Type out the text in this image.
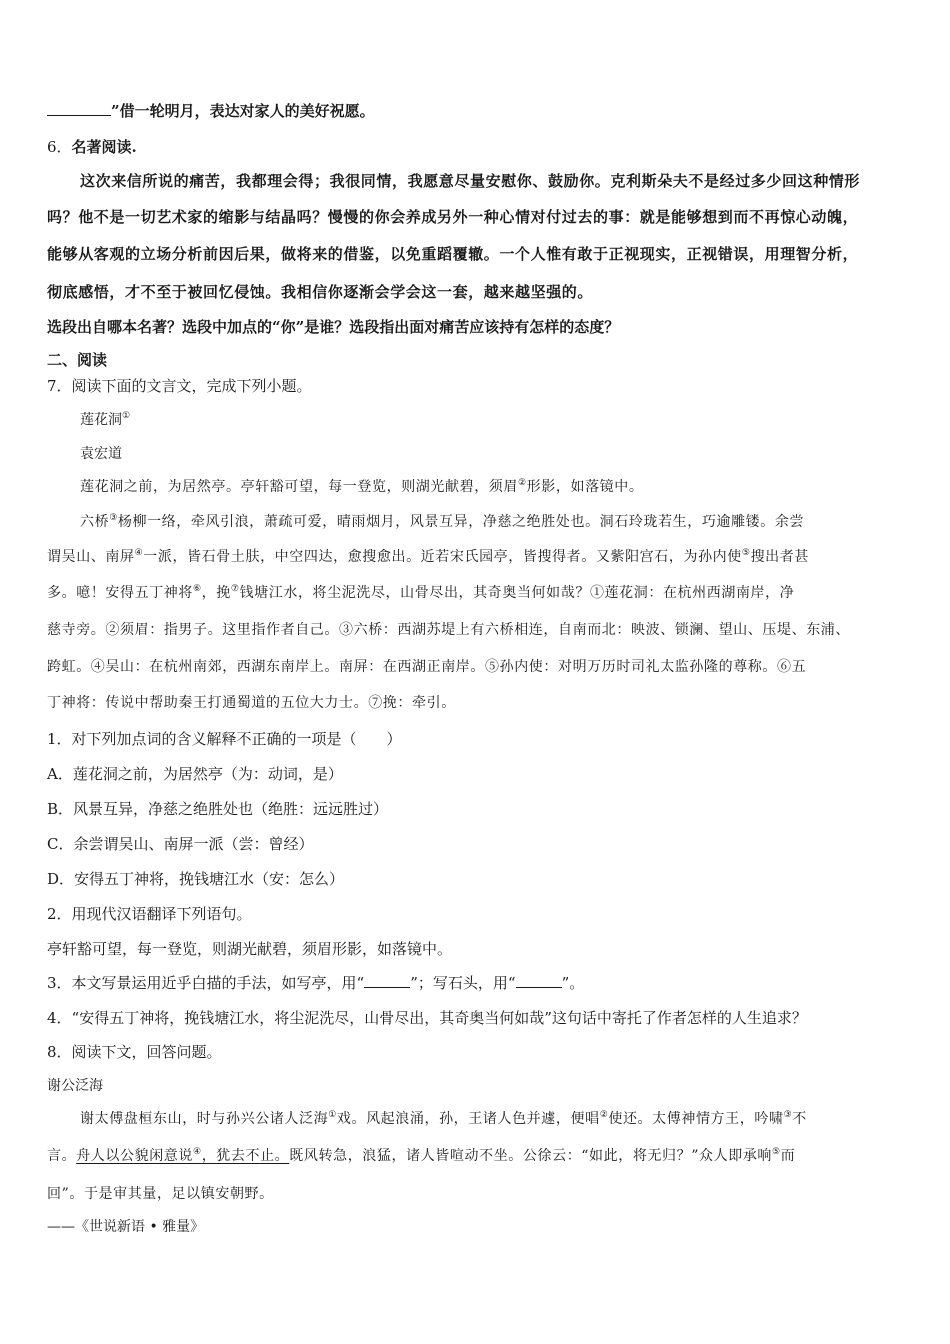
”借一轮明月，表达对家人的美好祝愿。
6．名著阅读.
这次来信所说的痛苦，我都理会得；我很同情，我愿意尽量安慰你、鼓励你。克利斯朵夫不是经过多少回这种情形
吗？他不是一切艺术家的缩影与结晶吗？慢慢的你会养成另外一种心情对付过去的事：就是能够想到而不再惊心动魄，
能够从客观的立场分析前因后果，做将来的借鉴，以免重蹈覆辙。一个人惟有敢于正视现实，正视错误，用理智分析，
彻底感悟，才不至于被回忆侵蚀。我相信你逐渐会学会这一套，越来越坚强的。
选段出自哪本名著？选段中加点的“你”是谁？选段指出面对痛苦应该持有怎样的态度？
二、阅读
7．阅读下面的文言文，完成下列小题。
莲花洞①
袁宏道
莲花洞之前，为居然亭。亭轩豁可望，每一登览，则湖光献碧，须眉②形影，如落镜中。
六桥③杨柳一络，牵风引浪，萧疏可爱，晴雨烟月，风景互异，净慈之绝胜处也。洞石玲珑若生，巧逾雕镂。余尝
谓吴山、南屏④一派，皆石骨土肤，中空四达，愈搜愈出。近若宋氏园亭，皆搜得者。又紫阳宫石，为孙内使⑤搜出者甚
多。噫！安得五丁神将⑥，挽⑦钱塘江水，将尘泥洗尽，山骨尽出，其奇奥当何如哉？①莲花洞：在杭州西湖南岸，净
慈寺旁。②须眉：指男子。这里指作者自己。③六桥：西湖苏堤上有六桥相连，自南而北：映波、锁澜、望山、压堤、东浦、
跨虹。④吴山：在杭州南郊，西湖东南岸上。南屏：在西湖正南岸。⑤孙内使：对明万历时司礼太监孙隆的尊称。⑥五
丁神将：传说中帮助秦王打通蜀道的五位大力士。⑦挽：牵引。
1．对下列加点词的含义解释不正确的一项是（　　）
A．莲花洞之前，为居然亭（为：动词，是）
B．风景互异，净慈之绝胜处也（绝胜：远远胜过）
C．余尝谓吴山、南屏一派（尝：曾经）
D．安得五丁神将，挽钱塘江水（安：怎么）
2．用现代汉语翻译下列语句。
亭轩豁可望，每一登览，则湖光献碧，须眉形影，如落镜中。
3．本文写景运用近乎白描的手法，如写亭，用“	”；写石头，用“	”。
4．“安得五丁神将，挽钱塘江水，将尘泥洗尽，山骨尽出，其奇奥当何如哉”这句话中寄托了作者怎样的人生追求？
8．阅读下文，回答问题。
谢公泛海
谢太傅盘桓东山，时与孙兴公诸人泛海①戏。风起浪涌，孙，王诸人色并遽，便唱②使还。太傅神情方王，吟啸③不
言。舟人以公貌闲意说④，犹去不止。既风转急，浪猛，诸人皆喧动不坐。公徐云：“如此，将无归？”众人即承响⑤而
回”。于是审其量，足以镇安朝野。
——《世说新语 • 雅量》
